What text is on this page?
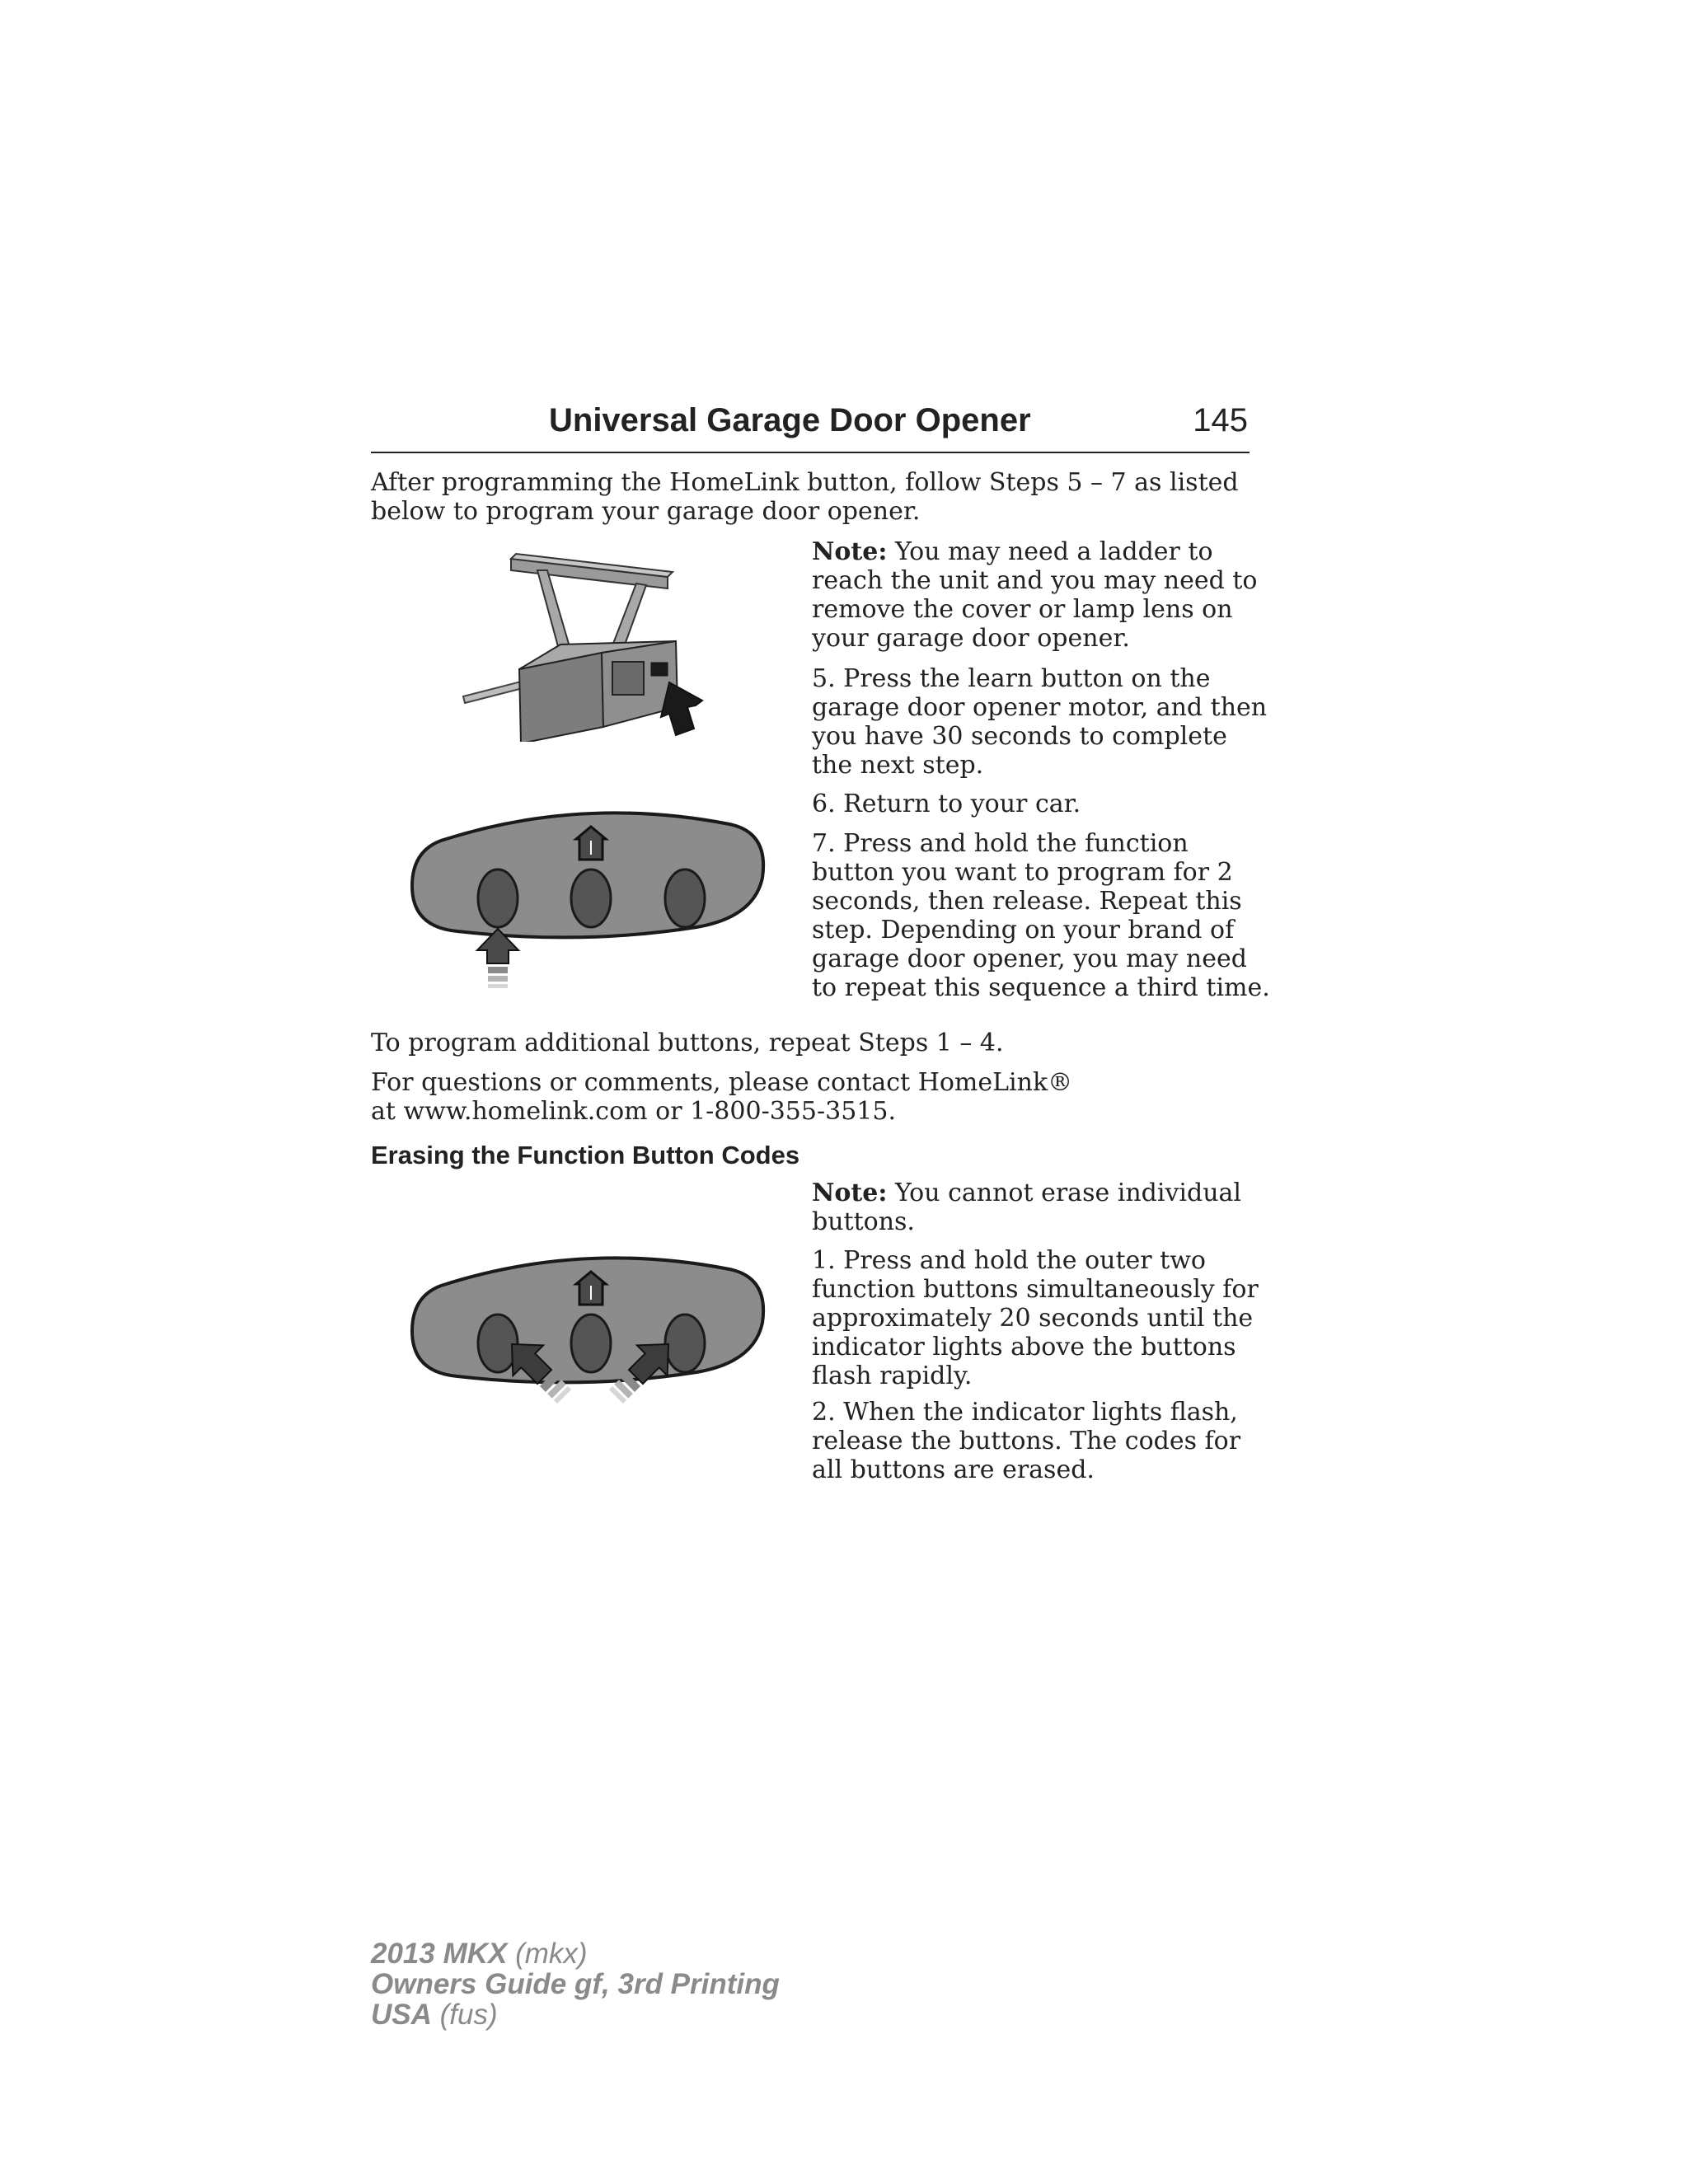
Universal Garage Door Opener	145

After programming the HomeLink button, follow Steps 5 – 7 as listed below to program your garage door opener.

Note: You may need a ladder to reach the unit and you may need to remove the cover or lamp lens on your garage door opener.

5. Press the learn button on the garage door opener motor, and then you have 30 seconds to complete the next step.

6. Return to your car.

7. Press and hold the function button you want to program for 2 seconds, then release. Repeat this step. Depending on your brand of garage door opener, you may need to repeat this sequence a third time.

To program additional buttons, repeat Steps 1 – 4.

For questions or comments, please contact HomeLink® at www.homelink.com or 1-800-355-3515.

Erasing the Function Button Codes

Note: You cannot erase individual buttons.

1. Press and hold the outer two function buttons simultaneously for approximately 20 seconds until the indicator lights above the buttons flash rapidly.

2. When the indicator lights flash, release the buttons. The codes for all buttons are erased.

2013 MKX (mkx)
Owners Guide gf, 3rd Printing
USA (fus)
